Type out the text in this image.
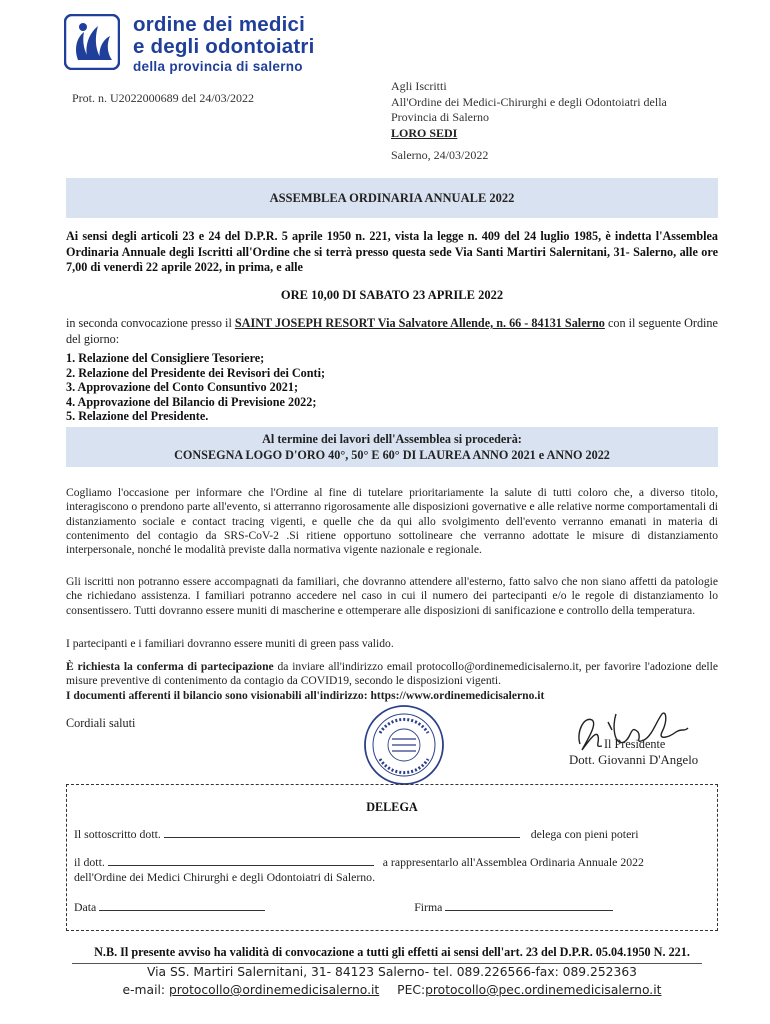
ordine dei medici
e degli odontoiatri
della provincia di salerno
Prot. n. U2022000689 del 24/03/2022
Agli Iscritti
All'Ordine dei Medici-Chirurghi e degli Odontoiatri della
Provincia di Salerno
LORO SEDI
Salerno, 24/03/2022
ASSEMBLEA ORDINARIA ANNUALE 2022
Ai sensi degli articoli 23 e 24 del D.P.R. 5 aprile 1950 n. 221, vista la legge n. 409 del 24 luglio 1985, è indetta l'Assemblea Ordinaria Annuale degli Iscritti all'Ordine che si terrà presso questa sede Via Santi Martiri Salernitani, 31- Salerno, alle ore 7,00 di venerdì 22 aprile 2022, in prima, e alle
ORE 10,00 DI SABATO 23 APRILE 2022
in seconda convocazione presso il SAINT JOSEPH RESORT Via Salvatore Allende, n. 66 - 84131 Salerno con il seguente Ordine del giorno:
1. Relazione del Consigliere Tesoriere;
2. Relazione del Presidente dei Revisori dei Conti;
3. Approvazione del Conto Consuntivo 2021;
4. Approvazione del Bilancio di Previsione 2022;
5. Relazione del Presidente.
Al termine dei lavori dell'Assemblea si procederà:
CONSEGNA LOGO D'ORO 40°, 50° E 60° DI LAUREA ANNO 2021 e ANNO 2022
Cogliamo l'occasione per informare che l'Ordine al fine di tutelare prioritariamente la salute di tutti coloro che, a diverso titolo, interagiscono o prendono parte all'evento, si atterranno rigorosamente alle disposizioni governative e alle relative norme comportamentali di distanziamento sociale e contact tracing vigenti, e quelle che da qui allo svolgimento dell'evento verranno emanati in materia di contenimento del contagio da SRS-CoV-2 .Si ritiene opportuno sottolineare che verranno adottate le misure di distanziamento interpersonale, nonché le modalità previste dalla normativa vigente nazionale e regionale.
Gli iscritti non potranno essere accompagnati da familiari, che dovranno attendere all'esterno, fatto salvo che non siano affetti da patologie che richiedano assistenza. I familiari potranno accedere nel caso in cui il numero dei partecipanti e/o le regole di distanziamento lo consentissero. Tutti dovranno essere muniti di mascherine e ottemperare alle disposizioni di sanificazione e controllo della temperatura.
I partecipanti e i familiari dovranno essere muniti di green pass valido.
È richiesta la conferma di partecipazione da inviare all'indirizzo email protocollo@ordinemedicisalerno.it, per favorire l'adozione delle misure preventive di contenimento da contagio da COVID19, secondo le disposizioni vigenti.
I documenti afferenti il bilancio sono visionabili all'indirizzo: https://www.ordinemedicisalerno.it
Cordiali saluti
Il Presidente
Dott. Giovanni D'Angelo
DELEGA
Il sottoscritto dott.	delega con pieni poteri
il dott.	a rappresentarlo all'Assemblea Ordinaria Annuale 2022
dell'Ordine dei Medici Chirurghi e degli Odontoiatri di Salerno.
Data	Firma
N.B. Il presente avviso ha validità di convocazione a tutti gli effetti ai sensi dell'art. 23 del D.P.R. 05.04.1950 N. 221.
Via SS. Martiri Salernitani, 31- 84123 Salerno- tel. 089.226566-fax: 089.252363
e-mail: protocollo@ordinemedicisalerno.it PEC:protocollo@pec.ordinemedicisalerno.it
